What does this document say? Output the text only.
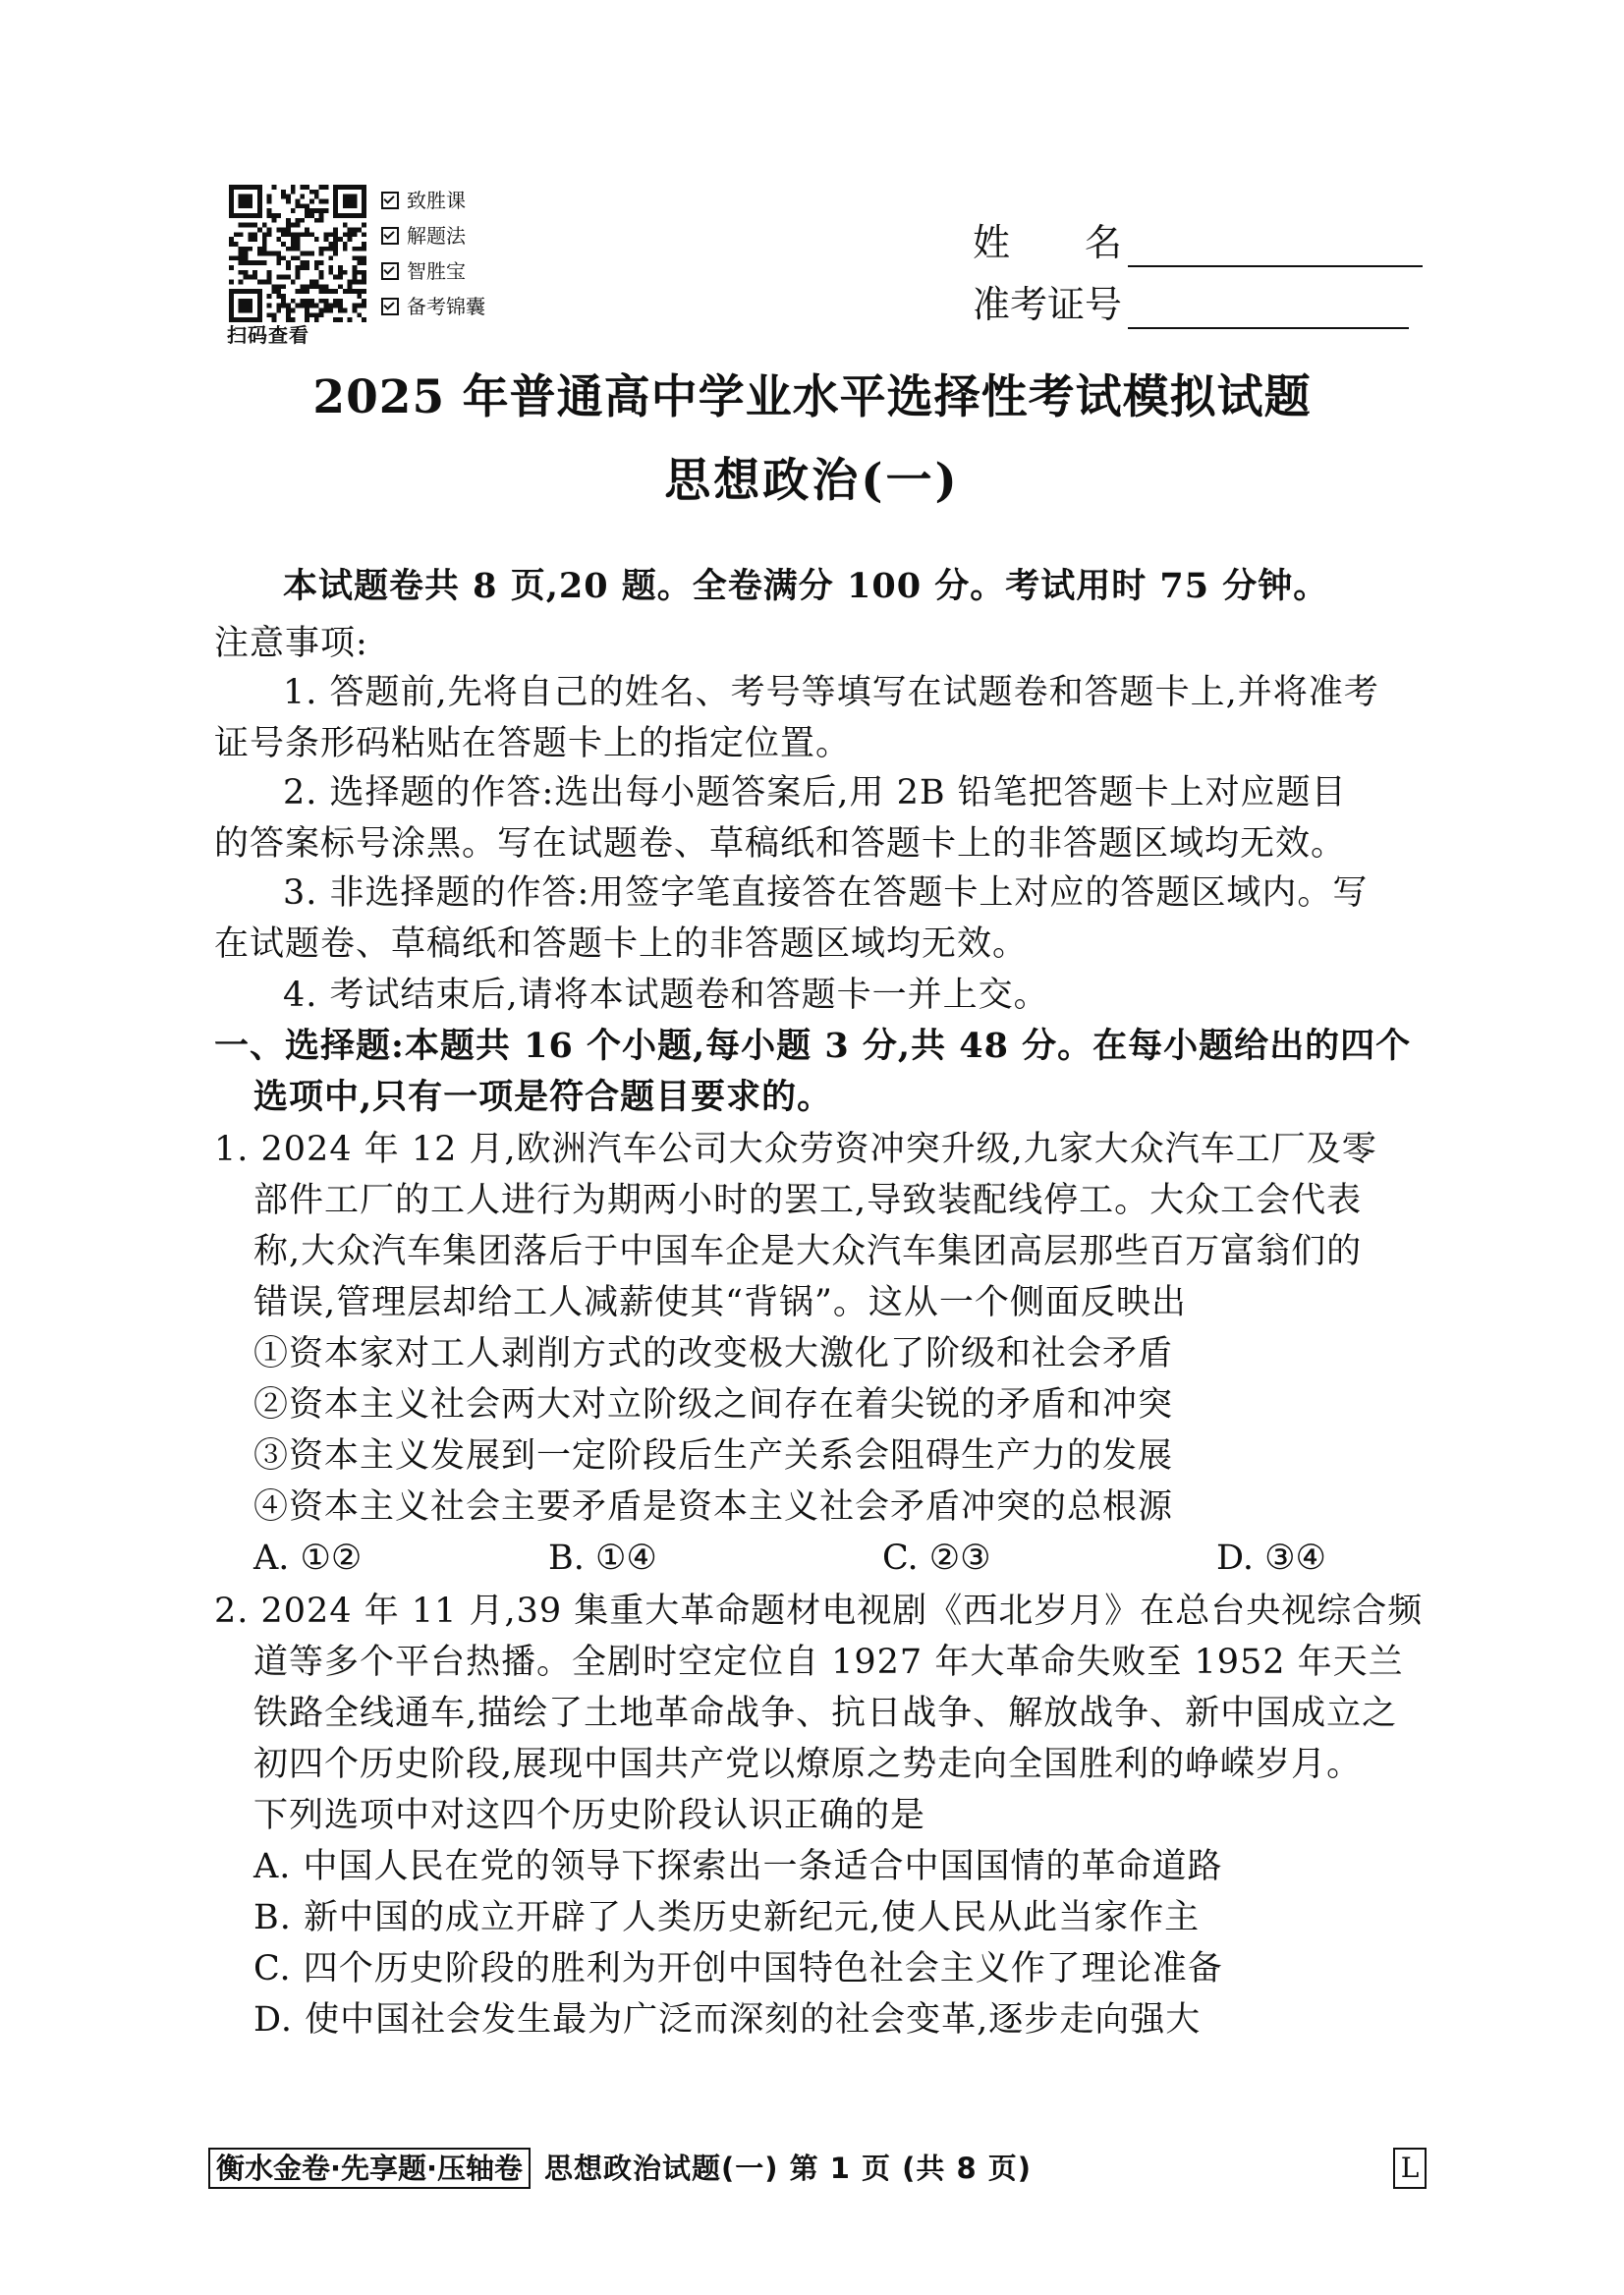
扫码查看
致胜课
解题法
智胜宝
备考锦囊
姓　　名
准考证号
2025 年普通高中学业水平选择性考试模拟试题
思想政治(一)
本试题卷共 8 页,20 题。全卷满分 100 分。考试用时 75 分钟。
注意事项:
1. 答题前,先将自己的姓名、考号等填写在试题卷和答题卡上,并将准考
证号条形码粘贴在答题卡上的指定位置。
2. 选择题的作答:选出每小题答案后,用 2B 铅笔把答题卡上对应题目
的答案标号涂黑。写在试题卷、草稿纸和答题卡上的非答题区域均无效。
3. 非选择题的作答:用签字笔直接答在答题卡上对应的答题区域内。写
在试题卷、草稿纸和答题卡上的非答题区域均无效。
4. 考试结束后,请将本试题卷和答题卡一并上交。
一、选择题:本题共 16 个小题,每小题 3 分,共 48 分。在每小题给出的四个
选项中,只有一项是符合题目要求的。
1. 2024 年 12 月,欧洲汽车公司大众劳资冲突升级,九家大众汽车工厂及零
部件工厂的工人进行为期两小时的罢工,导致装配线停工。大众工会代表
称,大众汽车集团落后于中国车企是大众汽车集团高层那些百万富翁们的
错误,管理层却给工人减薪使其“背锅”。这从一个侧面反映出
①资本家对工人剥削方式的改变极大激化了阶级和社会矛盾
②资本主义社会两大对立阶级之间存在着尖锐的矛盾和冲突
③资本主义发展到一定阶段后生产关系会阻碍生产力的发展
④资本主义社会主要矛盾是资本主义社会矛盾冲突的总根源
A. ①②	B. ①④	C. ②③	D. ③④
2. 2024 年 11 月,39 集重大革命题材电视剧《西北岁月》在总台央视综合频
道等多个平台热播。全剧时空定位自 1927 年大革命失败至 1952 年天兰
铁路全线通车,描绘了土地革命战争、抗日战争、解放战争、新中国成立之
初四个历史阶段,展现中国共产党以燎原之势走向全国胜利的峥嵘岁月。
下列选项中对这四个历史阶段认识正确的是
A. 中国人民在党的领导下探索出一条适合中国国情的革命道路
B. 新中国的成立开辟了人类历史新纪元,使人民从此当家作主
C. 四个历史阶段的胜利为开创中国特色社会主义作了理论准备
D. 使中国社会发生最为广泛而深刻的社会变革,逐步走向强大
衡水金卷·先享题·压轴卷 思想政治试题(一) 第 1 页 (共 8 页)	L
